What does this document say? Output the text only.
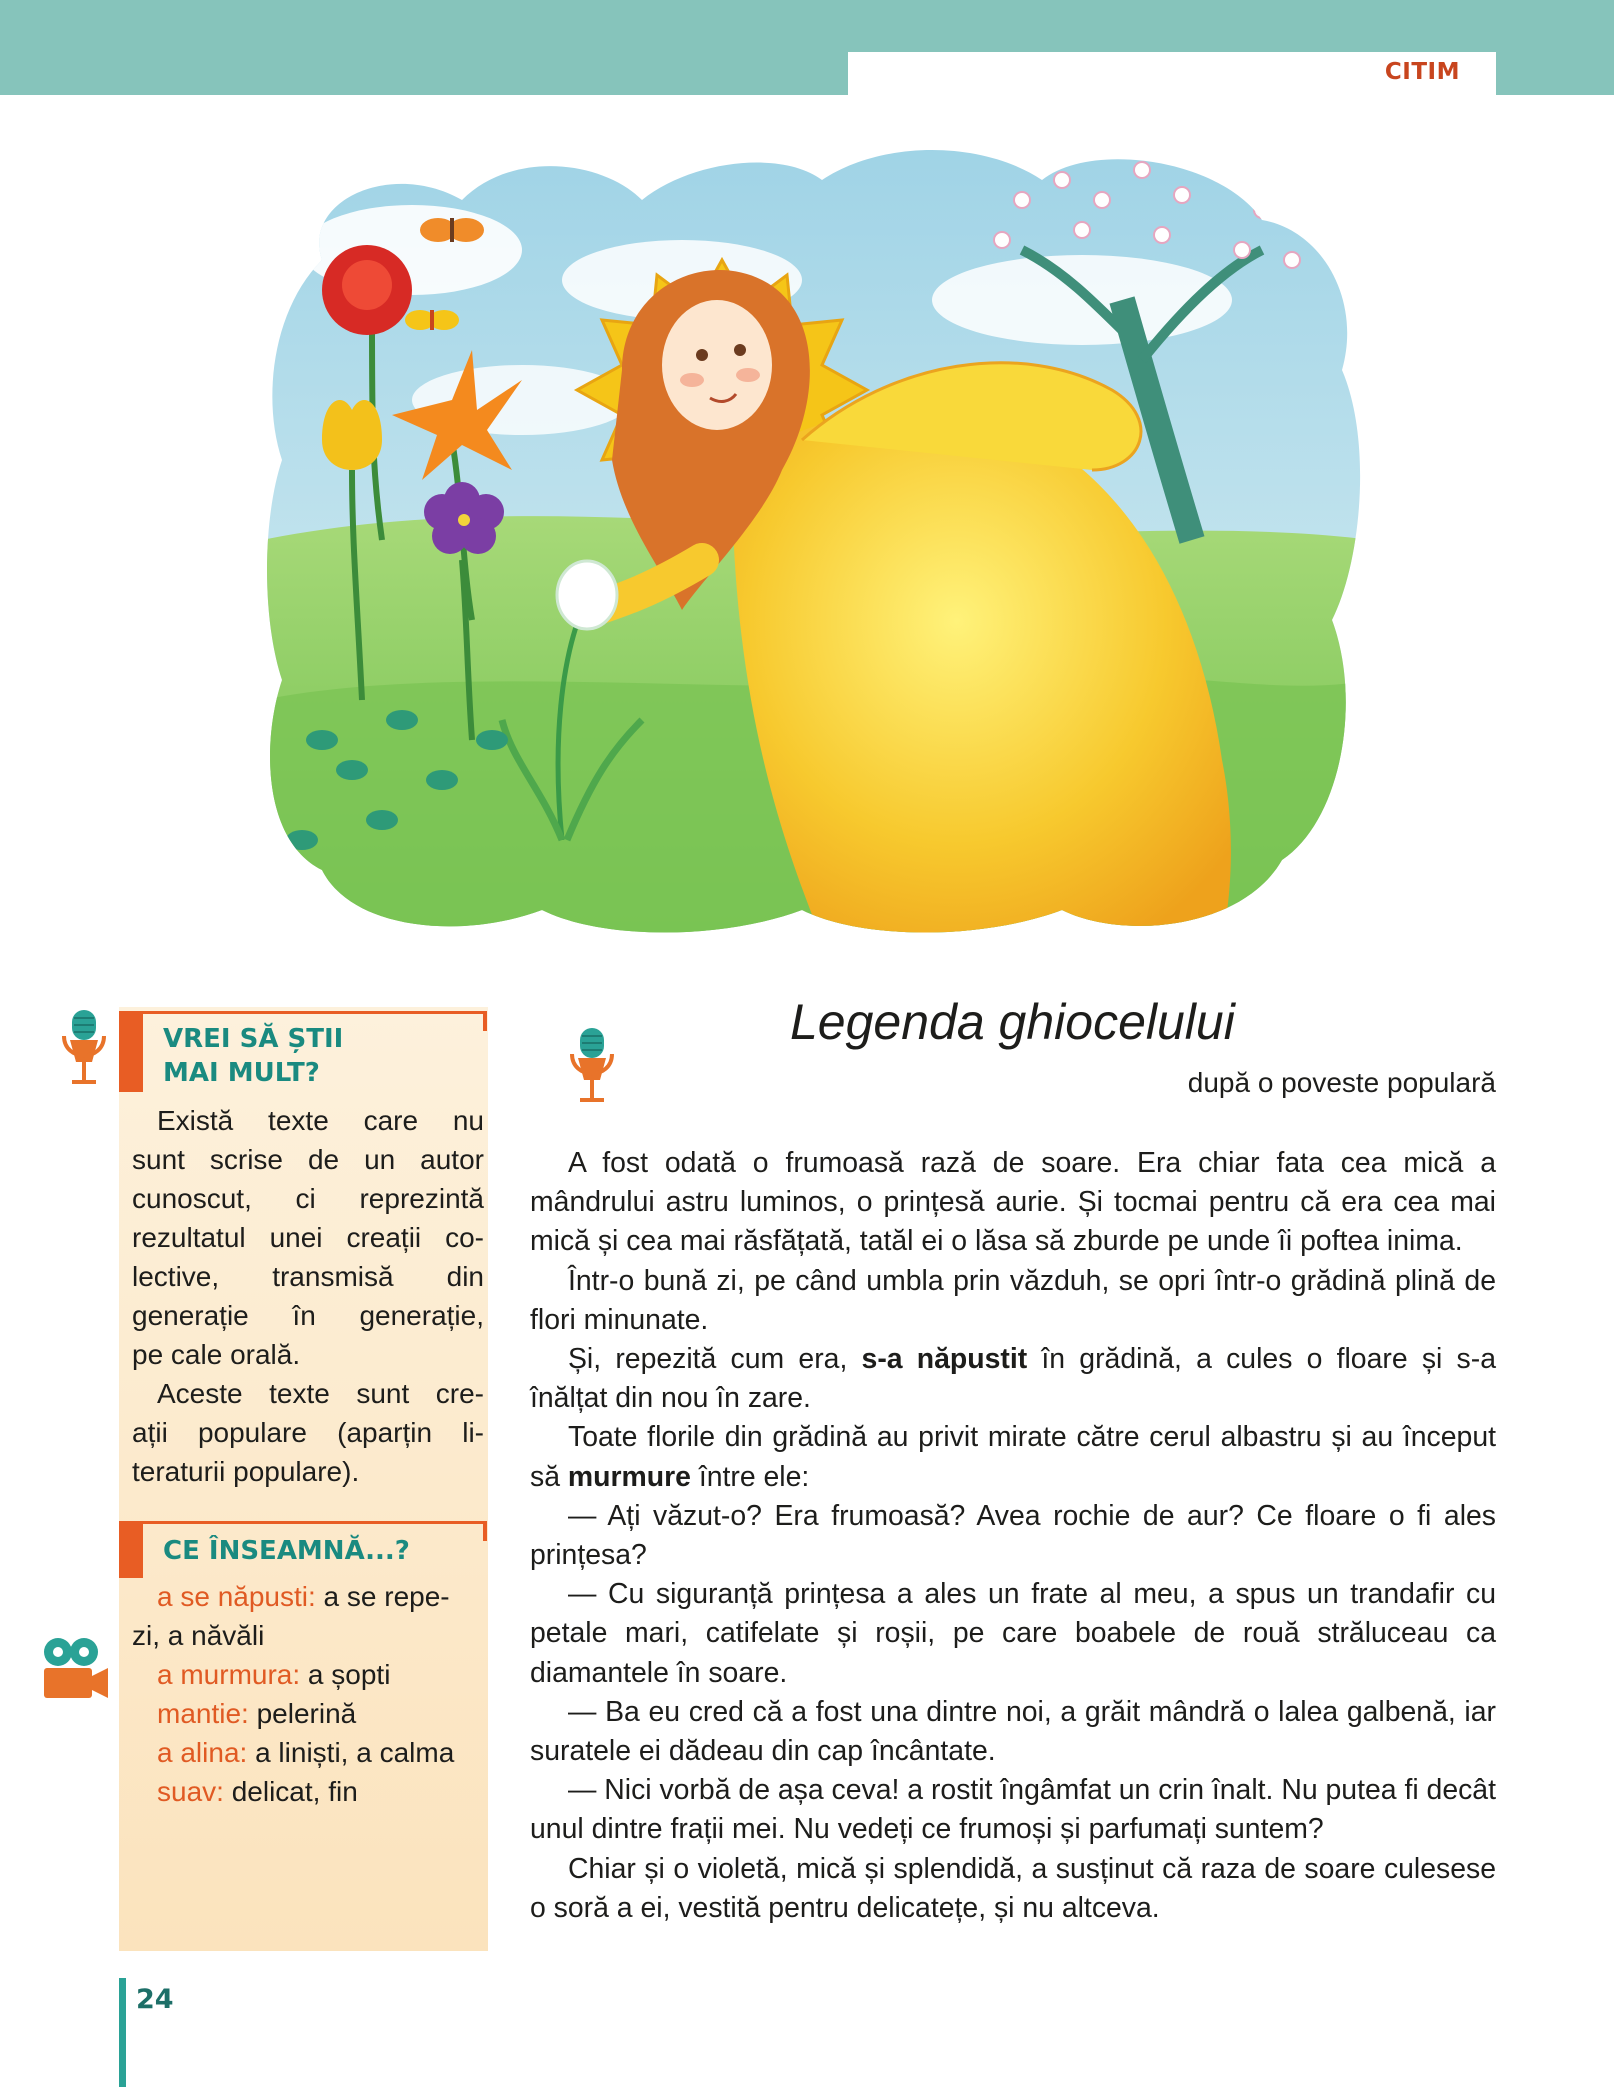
CITIM
VREI SĂ ȘTII
MAI MULT?
Există texte care nu
sunt scrise de un autor
cunoscut, ci reprezintă
rezultatul unei creații co-
lective, transmisă din
generație în generație,
pe cale orală.
Aceste texte sunt cre-
ații populare (aparțin li-
teraturii populare).
CE ÎNSEAMNĂ...?
a se năpusti: a se repe-
zi, a năvăli
a murmura: a șopti
mantie: pelerină
a alina: a liniști, a calma
suav: delicat, fin
Legenda ghiocelului
după o poveste populară

A fost odată o frumoasă rază de soare. Era chiar fata cea mică a mândrului astru luminos, o prințesă aurie. Și tocmai pentru că era cea mai mică și cea mai răsfățată, tatăl ei o lăsa să zburde pe unde îi poftea inima.

Într-o bună zi, pe când umbla prin văzduh, se opri într-o grădină plină de flori minunate.

Și, repezită cum era, s-a năpustit în grădină, a cules o floare și s-a înălțat din nou în zare.

Toate florile din grădină au privit mirate către cerul albastru și au început să murmure între ele:

— Ați văzut-o? Era frumoasă? Avea rochie de aur? Ce floare o fi ales prințesa?

— Cu siguranță prințesa a ales un frate al meu, a spus un trandafir cu petale mari, catifelate și roșii, pe care boabele de rouă străluceau ca diamantele în soare.

— Ba eu cred că a fost una dintre noi, a grăit mândră o lalea galbenă, iar suratele ei dădeau din cap încântate.

— Nici vorbă de așa ceva! a rostit îngâmfat un crin înalt. Nu putea fi decât unul dintre frații mei. Nu vedeți ce frumoși și parfumați suntem?

Chiar și o violetă, mică și splendidă, a susținut că raza de soare culesese o soră a ei, vestită pentru delicatețe, și nu altceva.

24
